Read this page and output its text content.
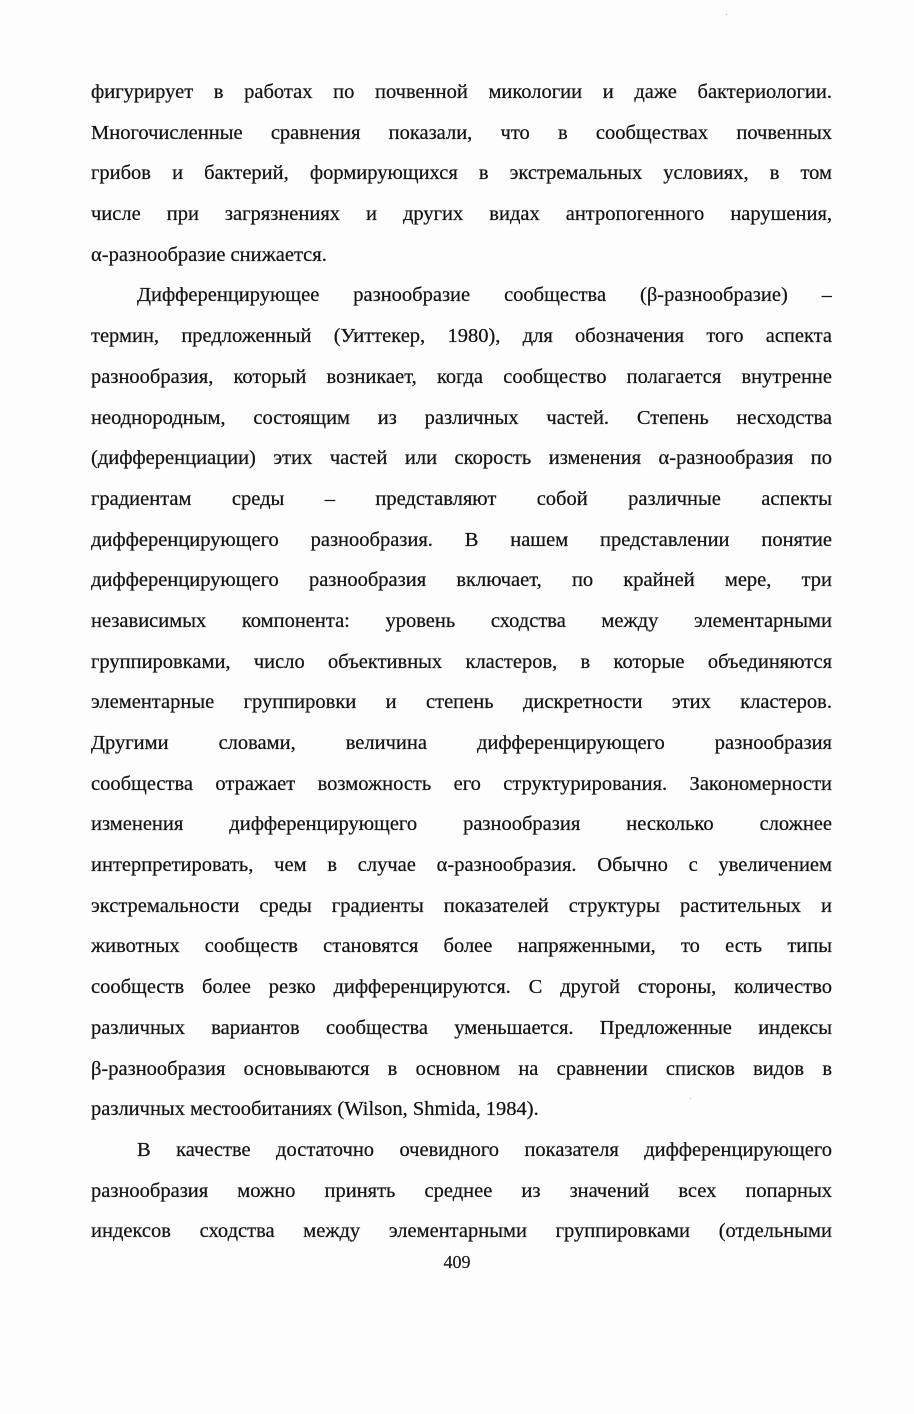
фигурирует в работах по почвенной микологии и даже бактериологии.
Многочисленные сравнения показали, что в сообществах почвенных
грибов и бактерий, формирующихся в экстремальных условиях, в том
числе при загрязнениях и других видах антропогенного нарушения,
α-разнообразие снижается.
Дифференцирующее разнообразие сообщества (β-разнообразие) –
термин, предложенный (Уиттекер, 1980), для обозначения того аспекта
разнообразия, который возникает, когда сообщество полагается внутренне
неоднородным, состоящим из различных частей. Степень несходства
(дифференциации) этих частей или скорость изменения α-разнообразия по
градиентам среды – представляют собой различные аспекты
дифференцирующего разнообразия. В нашем представлении понятие
дифференцирующего разнообразия включает, по крайней мере, три
независимых компонента: уровень сходства между элементарными
группировками, число объективных кластеров, в которые объединяются
элементарные группировки и степень дискретности этих кластеров.
Другими словами, величина дифференцирующего разнообразия
сообщества отражает возможность его структурирования. Закономерности
изменения дифференцирующего разнообразия несколько сложнее
интерпретировать, чем в случае α-разнообразия. Обычно с увеличением
экстремальности среды градиенты показателей структуры растительных и
животных сообществ становятся более напряженными, то есть типы
сообществ более резко дифференцируются. С другой стороны, количество
различных вариантов сообщества уменьшается. Предложенные индексы
β-разнообразия основываются в основном на сравнении списков видов в
различных местообитаниях (Wilson, Shmida, 1984).
В качестве достаточно очевидного показателя дифференцирующего
разнообразия можно принять среднее из значений всех попарных
индексов сходства между элементарными группировками (отдельными
409
